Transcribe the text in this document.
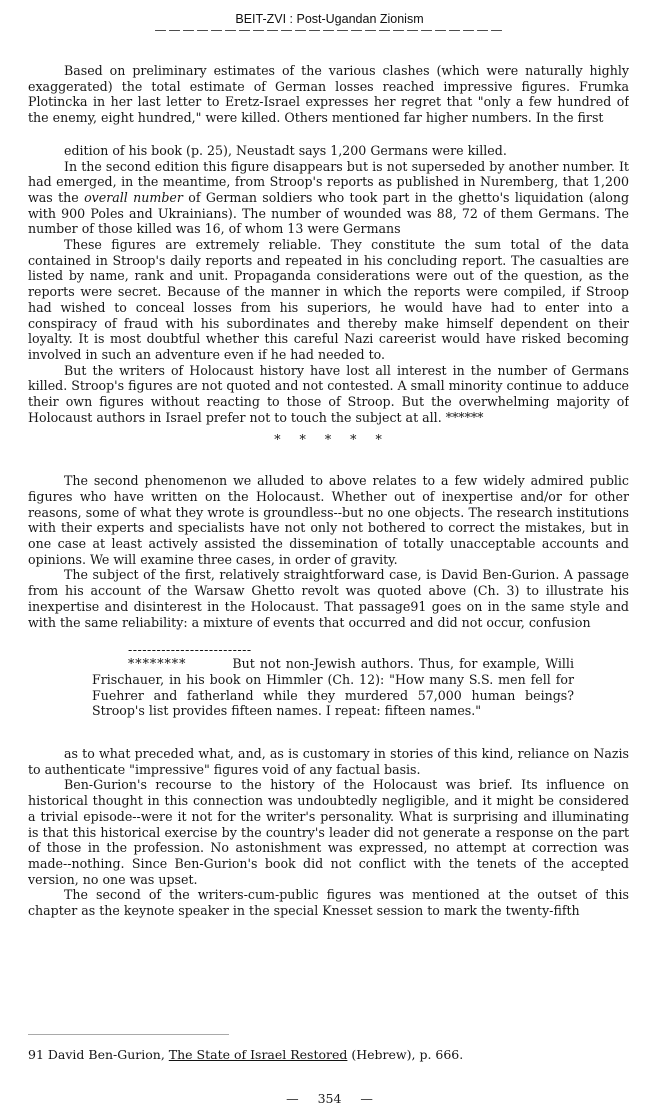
BEIT-ZVI : Post-Ugandan Zionism
—————————————————————————
Based on preliminary estimates of the various clashes (which were naturally highly exaggerated) the total estimate of German losses reached impressive figures. Frumka Plotincka in her last letter to Eretz-Israel expresses her regret that "only a few hundred of the enemy, eight hundred," were killed. Others mentioned far higher numbers. In the first
edition of his book (p. 25), Neustadt says 1,200 Germans were killed.
In the second edition this figure disappears but is not superseded by another number. It had emerged, in the meantime, from Stroop's reports as published in Nuremberg, that 1,200 was the overall number of German soldiers who took part in the ghetto's liquidation (along with 900 Poles and Ukrainians). The number of wounded was 88, 72 of them Germans. The number of those killed was 16, of whom 13 were Germans
These figures are extremely reliable. They constitute the sum total of the data contained in Stroop's daily reports and repeated in his concluding report. The casualties are listed by name, rank and unit. Propaganda considerations were out of the question, as the reports were secret. Because of the manner in which the reports were compiled, if Stroop had wished to conceal losses from his superiors, he would have had to enter into a conspiracy of fraud with his subordinates and thereby make himself dependent on their loyalty. It is most doubtful whether this careful Nazi careerist would have risked becoming involved in such an adventure even if he had needed to.
But the writers of Holocaust history have lost all interest in the number of Germans killed. Stroop's figures are not quoted and not contested. A small minority continue to adduce their own figures without reacting to those of Stroop. But the overwhelming majority of Holocaust authors in Israel prefer not to touch the subject at all. ******
* * * * *
The second phenomenon we alluded to above relates to a few widely admired public figures who have written on the Holocaust. Whether out of inexpertise and/or for other reasons, some of what they wrote is groundless--but no one objects. The research institutions with their experts and specialists have not only not bothered to correct the mistakes, but in one case at least actively assisted the dissemination of totally unacceptable accounts and opinions. We will examine three cases, in order of gravity.
The subject of the first, relatively straightforward case, is David Ben-Gurion. A passage from his account of the Warsaw Ghetto revolt was quoted above (Ch. 3) to illustrate his inexpertise and disinterest in the Holocaust. That passage91 goes on in the same style and with the same reliability: a mixture of events that occurred and did not occur, confusion
--------------------------
********	But not non-Jewish authors. Thus, for example, Willi Frischauer, in his book on Himmler (Ch. 12): "How many S.S. men fell for Fuehrer and fatherland while they murdered 57,000 human beings? Stroop's list provides fifteen names. I repeat: fifteen names."
as to what preceded what, and, as is customary in stories of this kind, reliance on Nazis to authenticate "impressive" figures void of any factual basis.
Ben-Gurion's recourse to the history of the Holocaust was brief. Its influence on historical thought in this connection was undoubtedly negligible, and it might be considered a trivial episode--were it not for the writer's personality. What is surprising and illuminating is that this historical exercise by the country's leader did not generate a response on the part of those in the profession. No astonishment was expressed, no attempt at correction was made--nothing. Since Ben-Gurion's book did not conflict with the tenets of the accepted version, no one was upset.
The second of the writers-cum-public figures was mentioned at the outset of this chapter as the keynote speaker in the special Knesset session to mark the twenty-fifth
91 David Ben-Gurion, The State of Israel Restored (Hebrew), p. 666.
— 354 —
